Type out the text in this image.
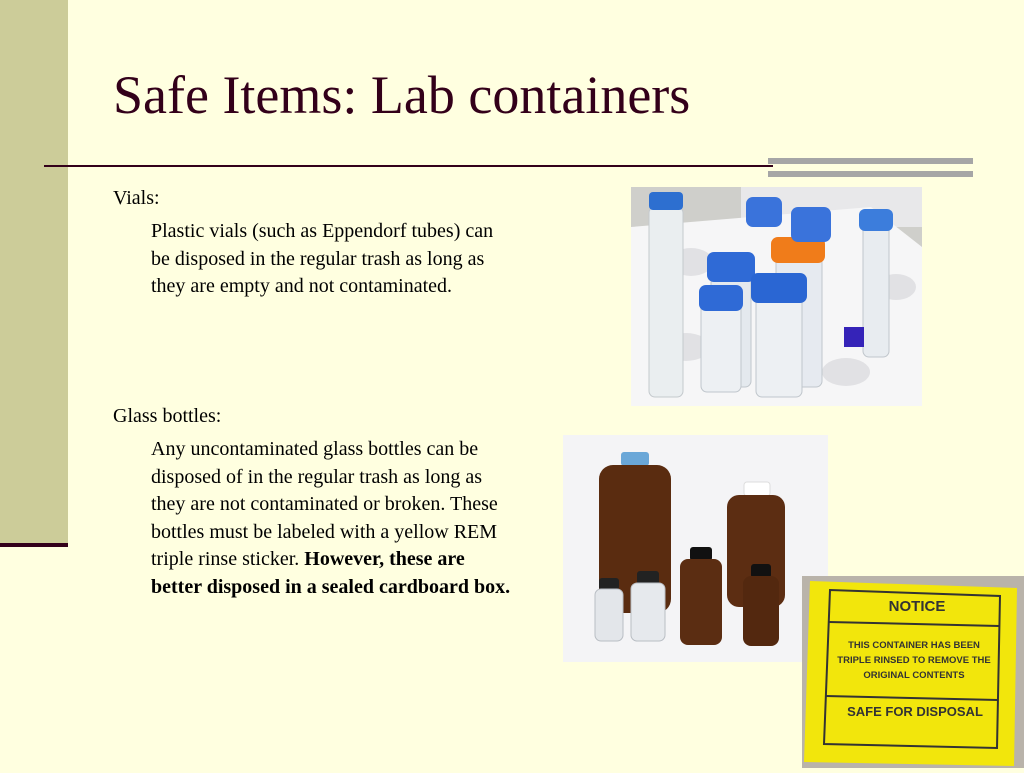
Safe Items: Lab containers
Vials:
Plastic vials (such as Eppendorf tubes) can be disposed in the regular trash as long as they are empty and not contaminated.
Glass bottles:
Any uncontaminated glass bottles can be disposed of in the regular trash as long as they are not contaminated or broken. These bottles must be labeled with a yellow REM triple rinse sticker. However, these are better disposed in a sealed cardboard box.
NOTICE
THIS CONTAINER HAS BEEN TRIPLE RINSED TO REMOVE THE ORIGINAL CONTENTS
SAFE FOR DISPOSAL
